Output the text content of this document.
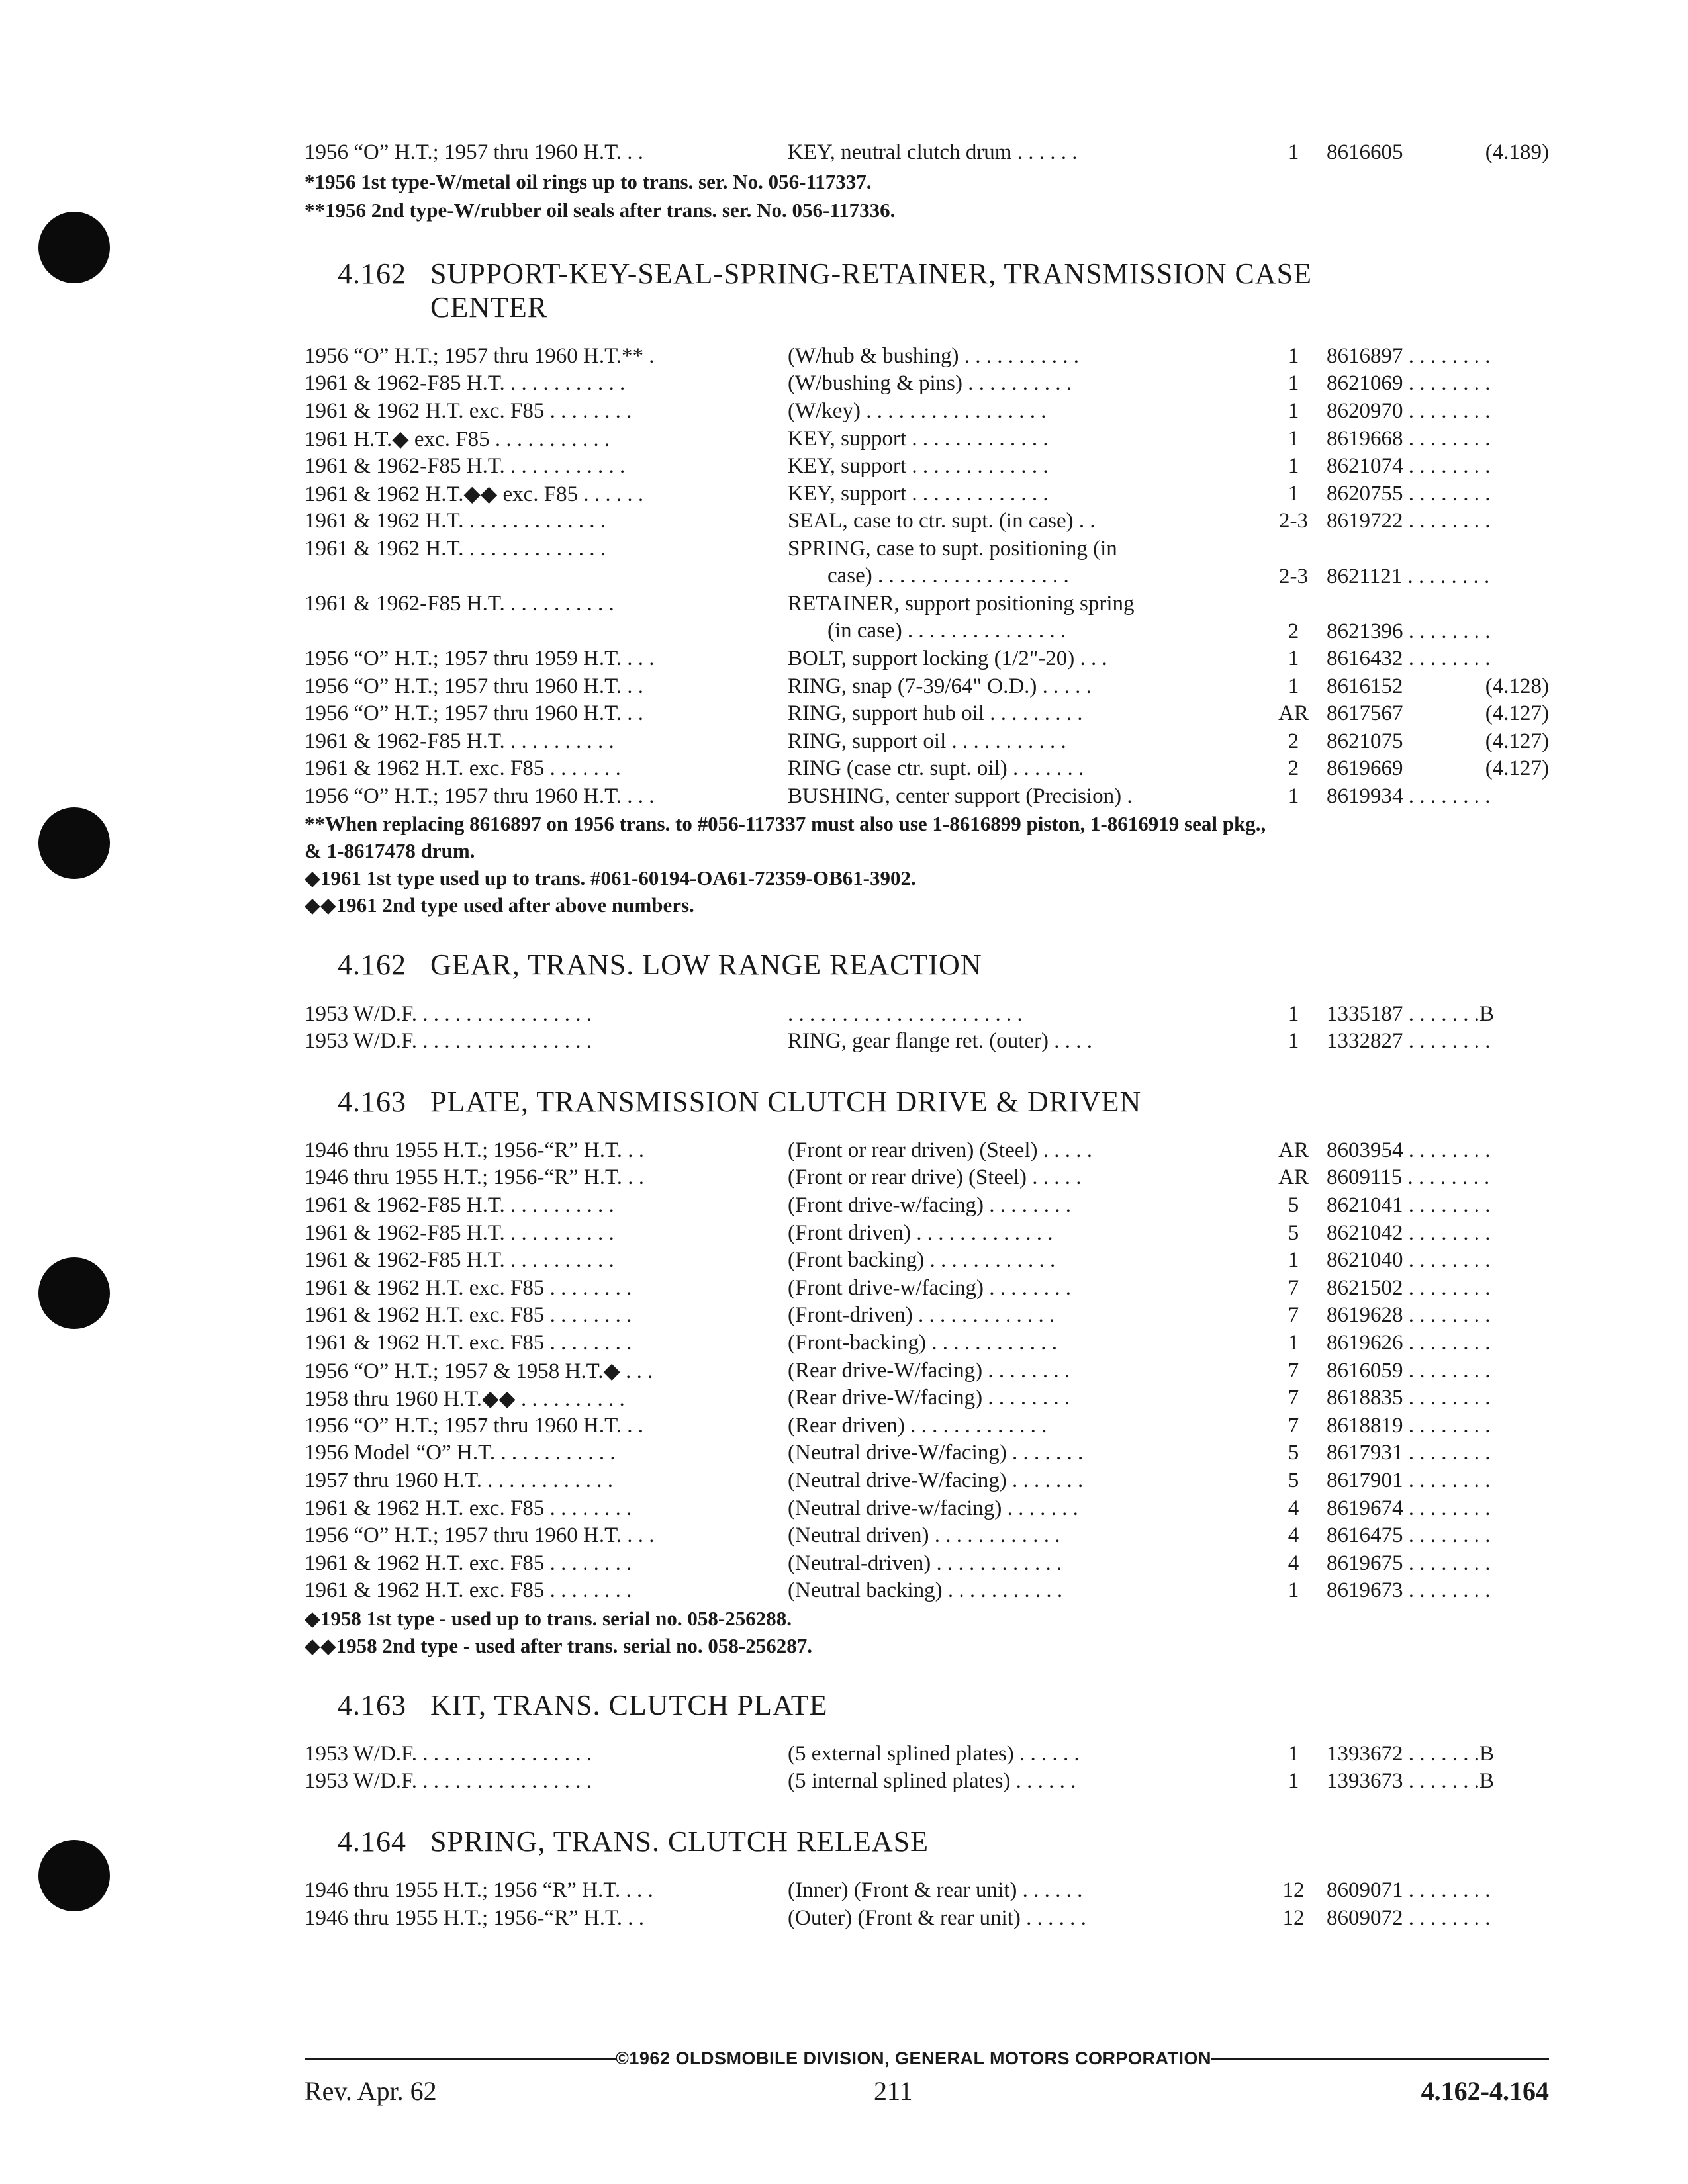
1956 “O” H.T.; 1957 thru 1960 H.T. . .	KEY, neutral clutch drum . . . . . .	1	8616605	(4.189)
*1956 1st type-W/metal oil rings up to trans. ser. No. 056-117337.
**1956 2nd type-W/rubber oil seals after trans. ser. No. 056-117336.
4.162 SUPPORT-KEY-SEAL-SPRING-RETAINER, TRANSMISSION CASE
CENTER
1956 “O” H.T.; 1957 thru 1960 H.T.** .	(W/hub & bushing) . . . . . . . . . . .	1	8616897 . . . . . . . .
1961 & 1962-F85 H.T. . . . . . . . . . . .	(W/bushing & pins) . . . . . . . . . .	1	8621069 . . . . . . . .
1961 & 1962 H.T. exc. F85 . . . . . . . .	(W/key) . . . . . . . . . . . . . . . . .	1	8620970 . . . . . . . .
1961 H.T.◆ exc. F85 . . . . . . . . . . .	KEY, support . . . . . . . . . . . . .	1	8619668 . . . . . . . .
1961 & 1962-F85 H.T. . . . . . . . . . . .	KEY, support . . . . . . . . . . . . .	1	8621074 . . . . . . . .
1961 & 1962 H.T.◆◆ exc. F85 . . . . . .	KEY, support . . . . . . . . . . . . .	1	8620755 . . . . . . . .
1961 & 1962 H.T. . . . . . . . . . . . . .	SEAL, case to ctr. supt. (in case) . .	2-3 8619722 . . . . . . . .
1961 & 1962 H.T. . . . . . . . . . . . . .	SPRING, case to supt. positioning (in
case) . . . . . . . . . . . . . . . . . .	2-3 8621121 . . . . . . . .
1961 & 1962-F85 H.T. . . . . . . . . . .	RETAINER, support positioning spring
(in case) . . . . . . . . . . . . . . .	2	8621396 . . . . . . . .
1956 “O” H.T.; 1957 thru 1959 H.T. . . .	BOLT, support locking (1/2"-20) . . .	1	8616432 . . . . . . . .
1956 “O” H.T.; 1957 thru 1960 H.T. . .	RING, snap (7-39/64" O.D.) . . . . .	1	8616152	(4.128)
1956 “O” H.T.; 1957 thru 1960 H.T. . .	RING, support hub oil . . . . . . . . .	AR 8617567	(4.127)
1961 & 1962-F85 H.T. . . . . . . . . . .	RING, support oil . . . . . . . . . . .	2	8621075	(4.127)
1961 & 1962 H.T. exc. F85 . . . . . . .	RING (case ctr. supt. oil) . . . . . . .	2	8619669	(4.127)
1956 “O” H.T.; 1957 thru 1960 H.T. . . .	BUSHING, center support (Precision) .	1	8619934 . . . . . . . .
**When replacing 8616897 on 1956 trans. to #056-117337 must also use 1-8616899 piston, 1-8616919 seal pkg.,
& 1-8617478 drum.
◆1961 1st type used up to trans. #061-60194-OA61-72359-OB61-3902.
◆◆1961 2nd type used after above numbers.
4.162 GEAR, TRANS. LOW RANGE REACTION
1953 W/D.F. . . . . . . . . . . . . . . . .	. . . . . . . . . . . . . . . . . . . . . .	1	1335187 . . . . . . .B
1953 W/D.F. . . . . . . . . . . . . . . . .	RING, gear flange ret. (outer) . . . .	1	1332827 . . . . . . . .
4.163 PLATE, TRANSMISSION CLUTCH DRIVE & DRIVEN
1946 thru 1955 H.T.; 1956-“R” H.T. . .	(Front or rear driven) (Steel) . . . . .	AR 8603954 . . . . . . . .
1946 thru 1955 H.T.; 1956-“R” H.T. . .	(Front or rear drive) (Steel) . . . . .	AR 8609115 . . . . . . . .
1961 & 1962-F85 H.T. . . . . . . . . . .	(Front drive-w/facing) . . . . . . . .	5	8621041 . . . . . . . .
1961 & 1962-F85 H.T. . . . . . . . . . .	(Front driven) . . . . . . . . . . . . .	5	8621042 . . . . . . . .
1961 & 1962-F85 H.T. . . . . . . . . . .	(Front backing) . . . . . . . . . . . .	1	8621040 . . . . . . . .
1961 & 1962 H.T. exc. F85 . . . . . . . .	(Front drive-w/facing) . . . . . . . .	7	8621502 . . . . . . . .
1961 & 1962 H.T. exc. F85 . . . . . . . .	(Front-driven) . . . . . . . . . . . . .	7	8619628 . . . . . . . .
1961 & 1962 H.T. exc. F85 . . . . . . . .	(Front-backing) . . . . . . . . . . . .	1	8619626 . . . . . . . .
1956 “O” H.T.; 1957 & 1958 H.T.◆ . . .	(Rear drive-W/facing) . . . . . . . .	7	8616059 . . . . . . . .
1958 thru 1960 H.T.◆◆ . . . . . . . . . .	(Rear drive-W/facing) . . . . . . . .	7	8618835 . . . . . . . .
1956 “O” H.T.; 1957 thru 1960 H.T. . .	(Rear driven) . . . . . . . . . . . . .	7	8618819 . . . . . . . .
1956 Model “O” H.T. . . . . . . . . . . .	(Neutral drive-W/facing) . . . . . . .	5	8617931 . . . . . . . .
1957 thru 1960 H.T. . . . . . . . . . . . .	(Neutral drive-W/facing) . . . . . . .	5	8617901 . . . . . . . .
1961 & 1962 H.T. exc. F85 . . . . . . . .	(Neutral drive-w/facing) . . . . . . .	4	8619674 . . . . . . . .
1956 “O” H.T.; 1957 thru 1960 H.T. . . .	(Neutral driven) . . . . . . . . . . . .	4	8616475 . . . . . . . .
1961 & 1962 H.T. exc. F85 . . . . . . . .	(Neutral-driven) . . . . . . . . . . . .	4	8619675 . . . . . . . .
1961 & 1962 H.T. exc. F85 . . . . . . . .	(Neutral backing) . . . . . . . . . . .	1	8619673 . . . . . . . .
◆1958 1st type - used up to trans. serial no. 058-256288.
◆◆1958 2nd type - used after trans. serial no. 058-256287.
4.163 KIT, TRANS. CLUTCH PLATE
1953 W/D.F. . . . . . . . . . . . . . . . .	(5 external splined plates) . . . . . .	1	1393672 . . . . . . .B
1953 W/D.F. . . . . . . . . . . . . . . . .	(5 internal splined plates) . . . . . .	1	1393673 . . . . . . .B
4.164 SPRING, TRANS. CLUTCH RELEASE
1946 thru 1955 H.T.; 1956 “R” H.T. . . .	(Inner) (Front & rear unit) . . . . . .	12	8609071 . . . . . . . .
1946 thru 1955 H.T.; 1956-“R” H.T. . .	(Outer) (Front & rear unit) . . . . . .	12	8609072 . . . . . . . .
©1962 OLDSMOBILE DIVISION, GENERAL MOTORS CORPORATION
Rev. Apr. 62	211	4.162-4.164
